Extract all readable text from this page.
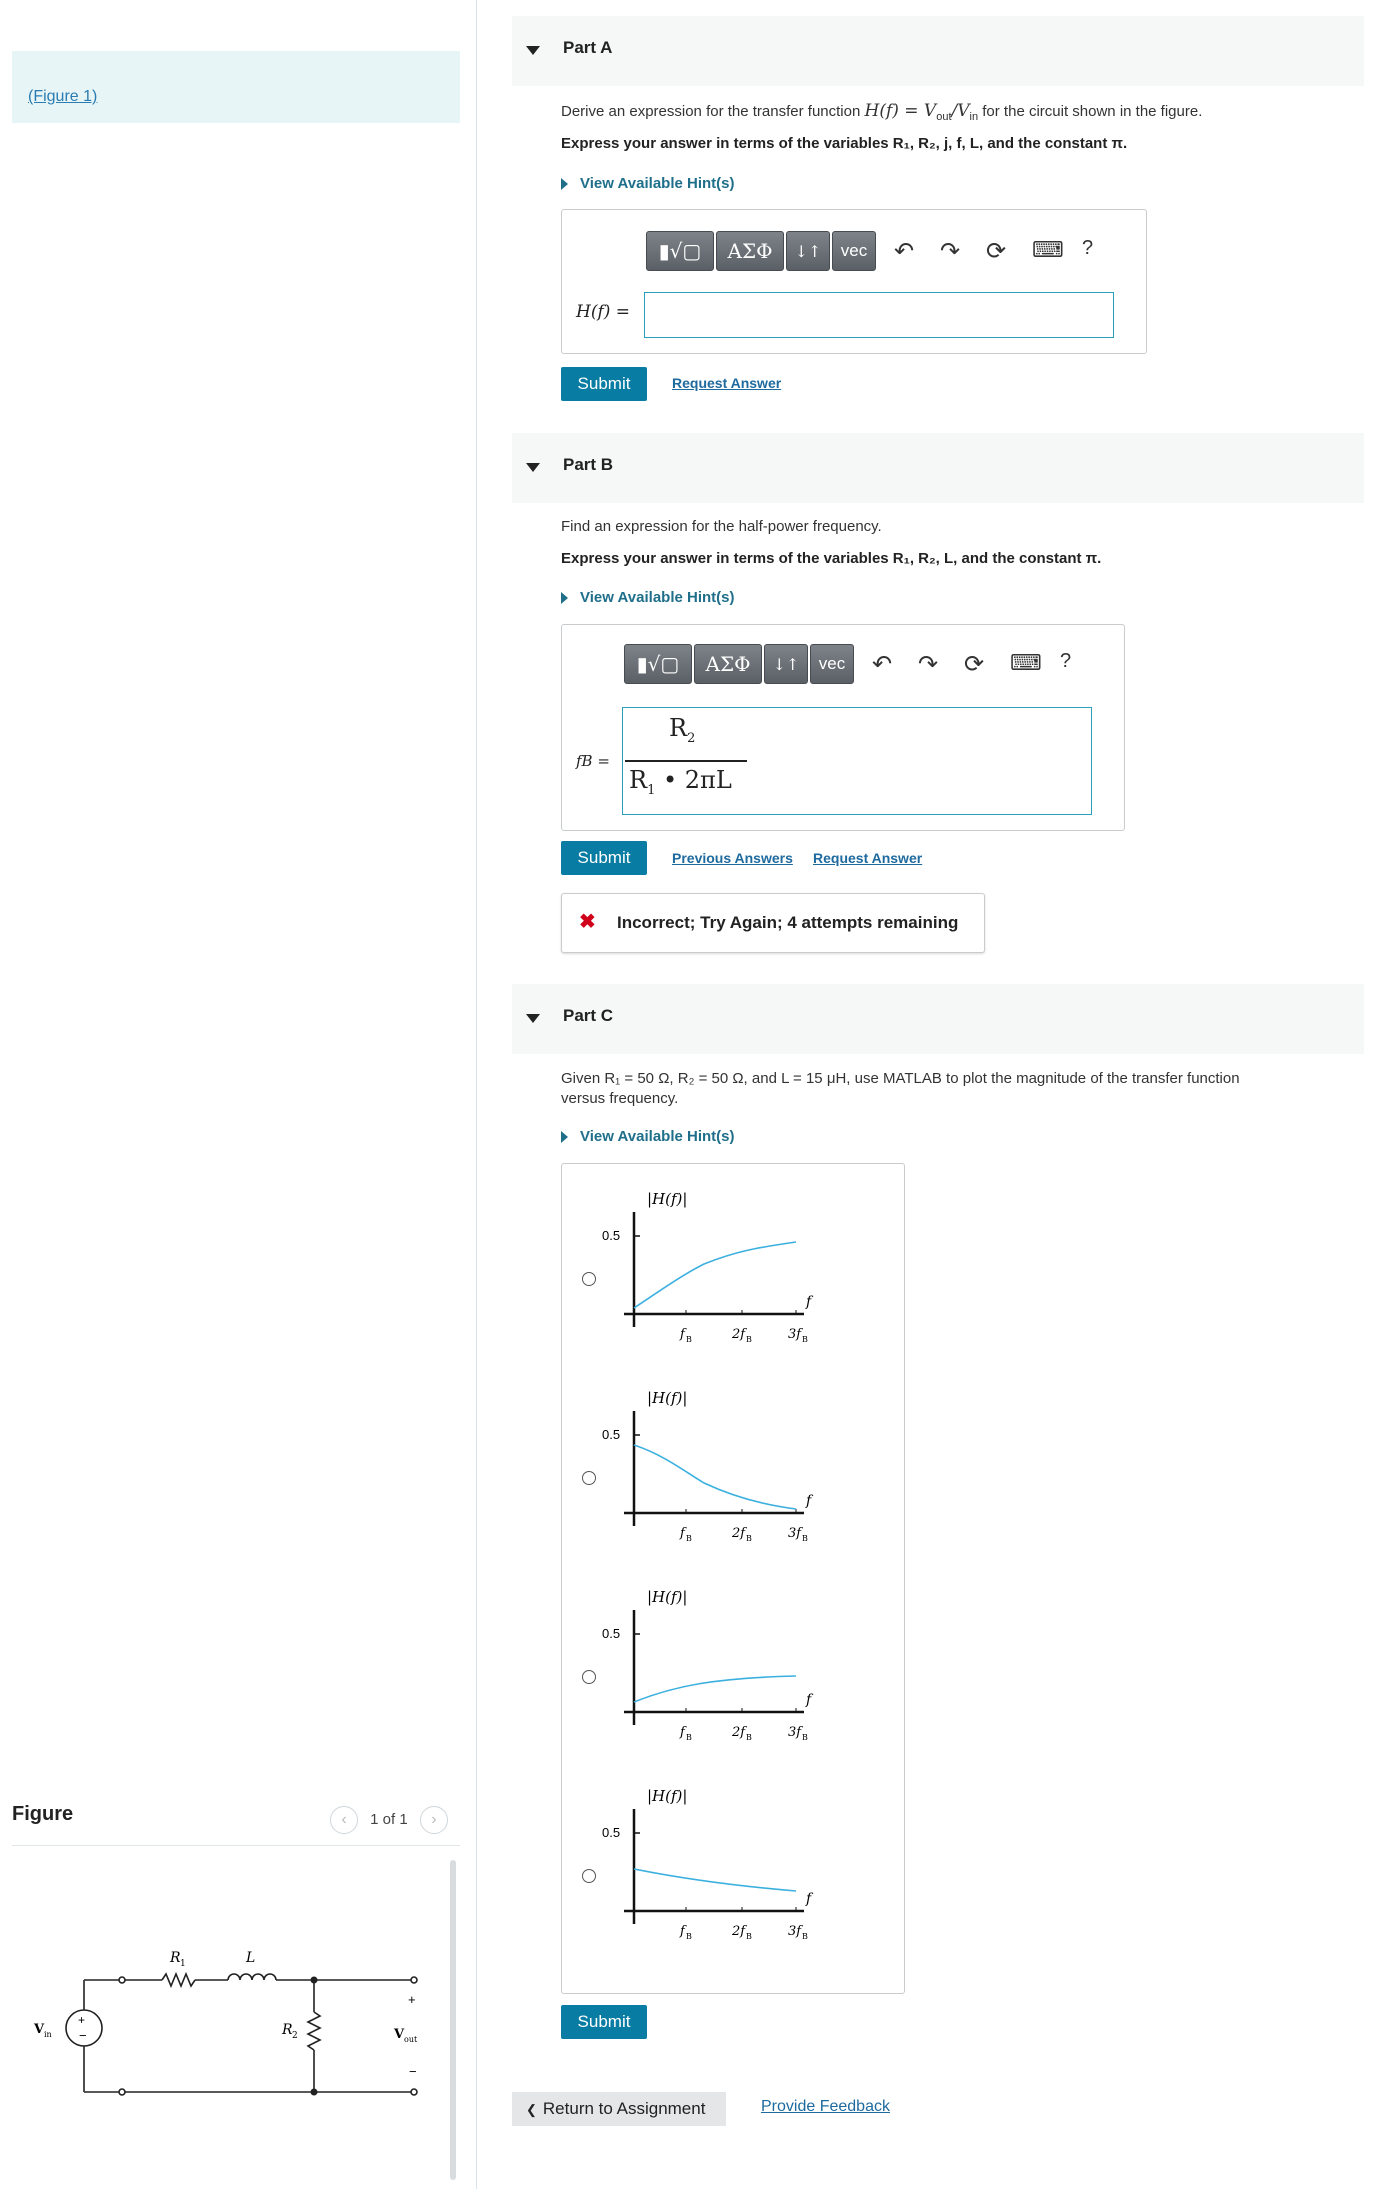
(Figure 1)
Figure	‹ 1 of 1 ›
+
−
R 1	L
R 2
V in
+
V out
−
Part A
Derive an expression for the transfer function $H(f) = V_{out}/V_{in}$ for the circuit shown in the figure.
Express your answer in terms of the variables R₁, R₂, j, f, L, and the constant π.
View Available Hint(s)
▮√▢	ΑΣΦ	↓↑	vec	↶ ↷ ⟳ ⌨ ?
H(f) =
Submit	Request Answer
Part B
Find an expression for the half-power frequency.
Express your answer in terms of the variables R₁, R₂, L, and the constant π.
View Available Hint(s)
▮√▢	ΑΣΦ	↓↑	vec	↶ ↷ ⟳ ⌨ ?
fB =
$R_2$
$R_1$ • 2πL
Submit	Previous Answers Request Answer
✖ Incorrect; Try Again; 4 attempts remaining
Part C
Given R₁ = 50 Ω, R₂ = 50 Ω, and L = 15 μH, use MATLAB to plot the magnitude of the transfer function
versus frequency.
View Available Hint(s)
|H(f)|
0.5
f
f B	2f B	3f B
|H(f)|
0.5
f
f B	2f B	3f B
|H(f)|
0.5
f
f B	2f B	3f B
|H(f)|
0.5
f
f B	2f B	3f B
Submit
❮ Return to Assignment	Provide Feedback
